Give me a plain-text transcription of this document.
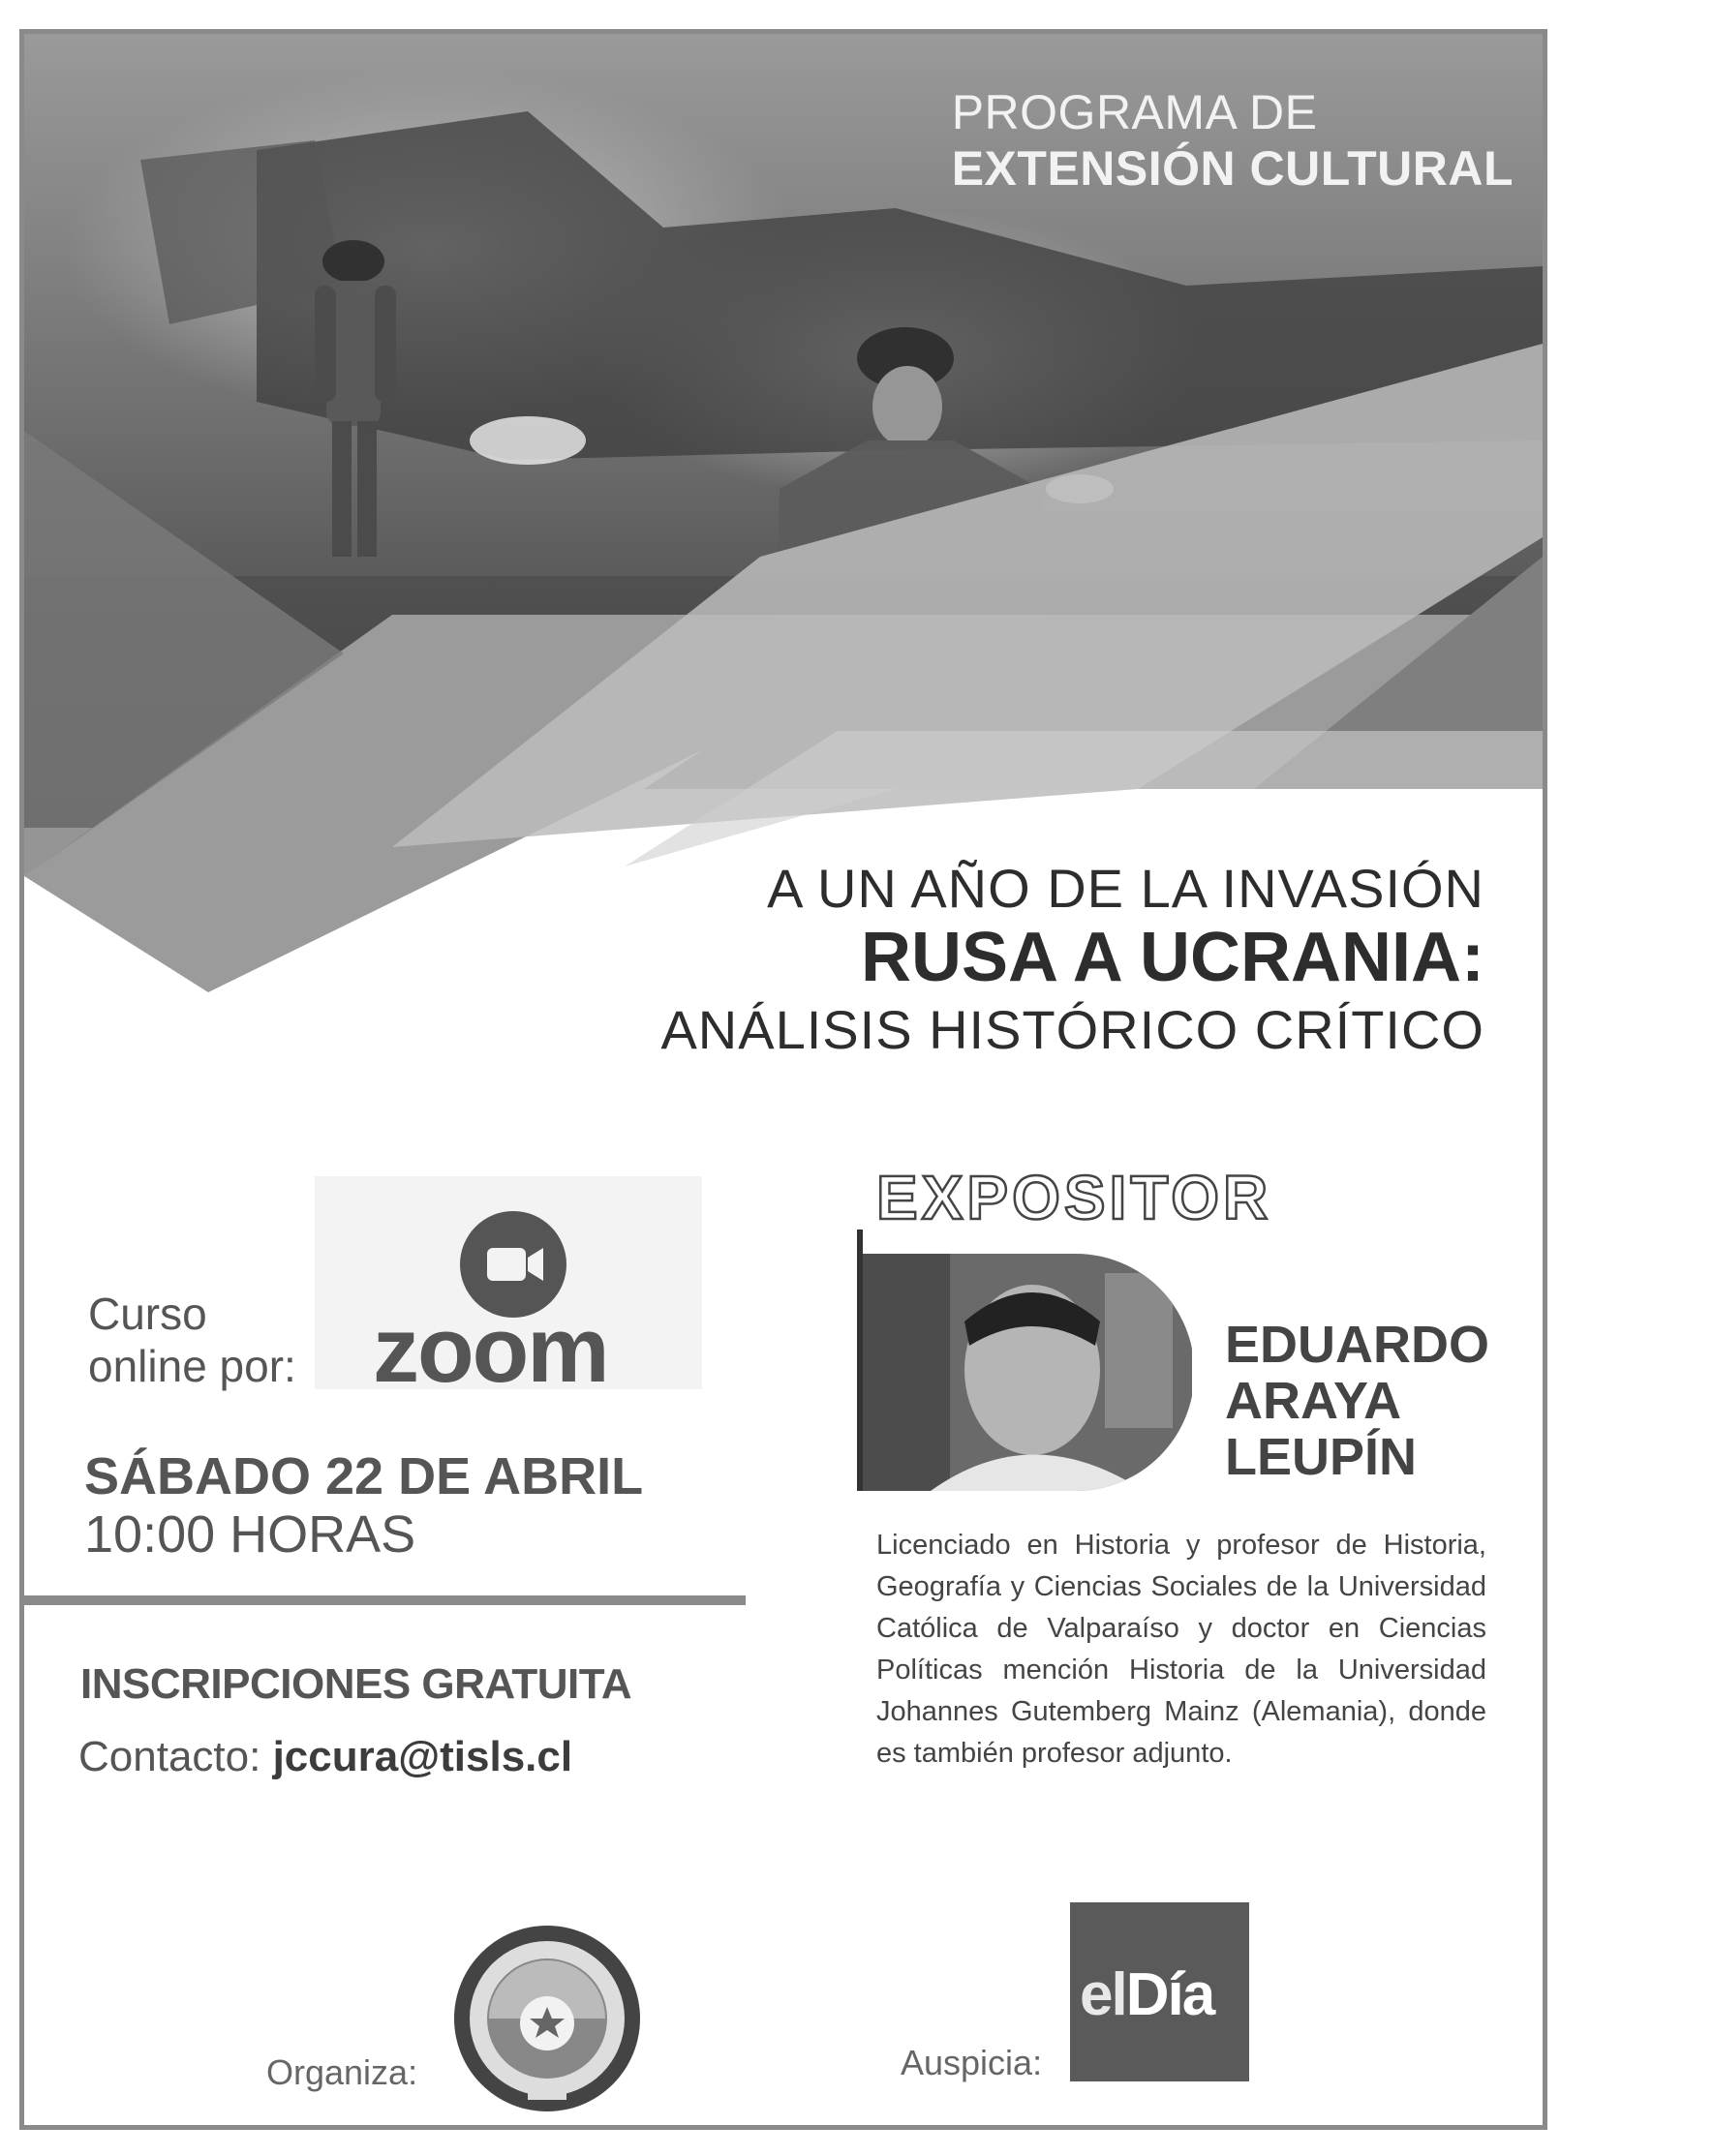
PROGRAMA DE
EXTENSIÓN CULTURAL
A UN AÑO DE LA INVASIÓN
RUSA A UCRANIA:
ANÁLISIS HISTÓRICO CRÍTICO
zoom
Curso
online por:
SÁBADO 22 DE ABRIL
10:00 HORAS
INSCRIPCIONES GRATUITA
Contacto: jccura@tisls.cl
EXPOSITOR
EDUARDO
ARAYA
LEUPÍN
Licenciado en Historia y profesor de Historia, Geografía y Ciencias Sociales de la Universidad Católica de Valparaíso y doctor en Ciencias Políticas mención Historia de la Universidad Johannes Gutemberg Mainz (Alemania), donde es también profesor adjunto.
Organiza:	Auspicia:
elDía
